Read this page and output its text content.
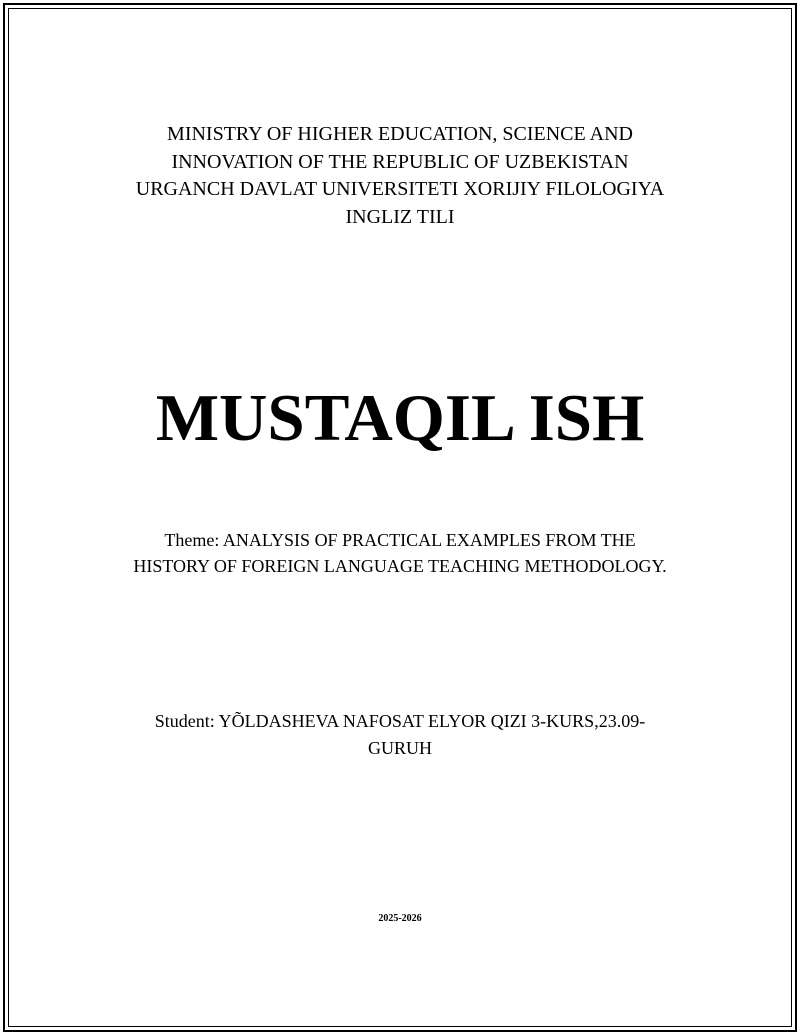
MINISTRY OF HIGHER EDUCATION, SCIENCE AND
INNOVATION OF THE REPUBLIC OF UZBEKISTAN
URGANCH DAVLAT UNIVERSITETI XORIJIY FILOLOGIYA
INGLIZ TILI
MUSTAQIL ISH
Theme: ANALYSIS OF PRACTICAL EXAMPLES FROM THE
HISTORY OF FOREIGN LANGUAGE TEACHING METHODOLOGY.
Student: YÕLDASHEVA NAFOSAT ELYOR QIZI 3-KURS,23.09-
GURUH
2025-2026
